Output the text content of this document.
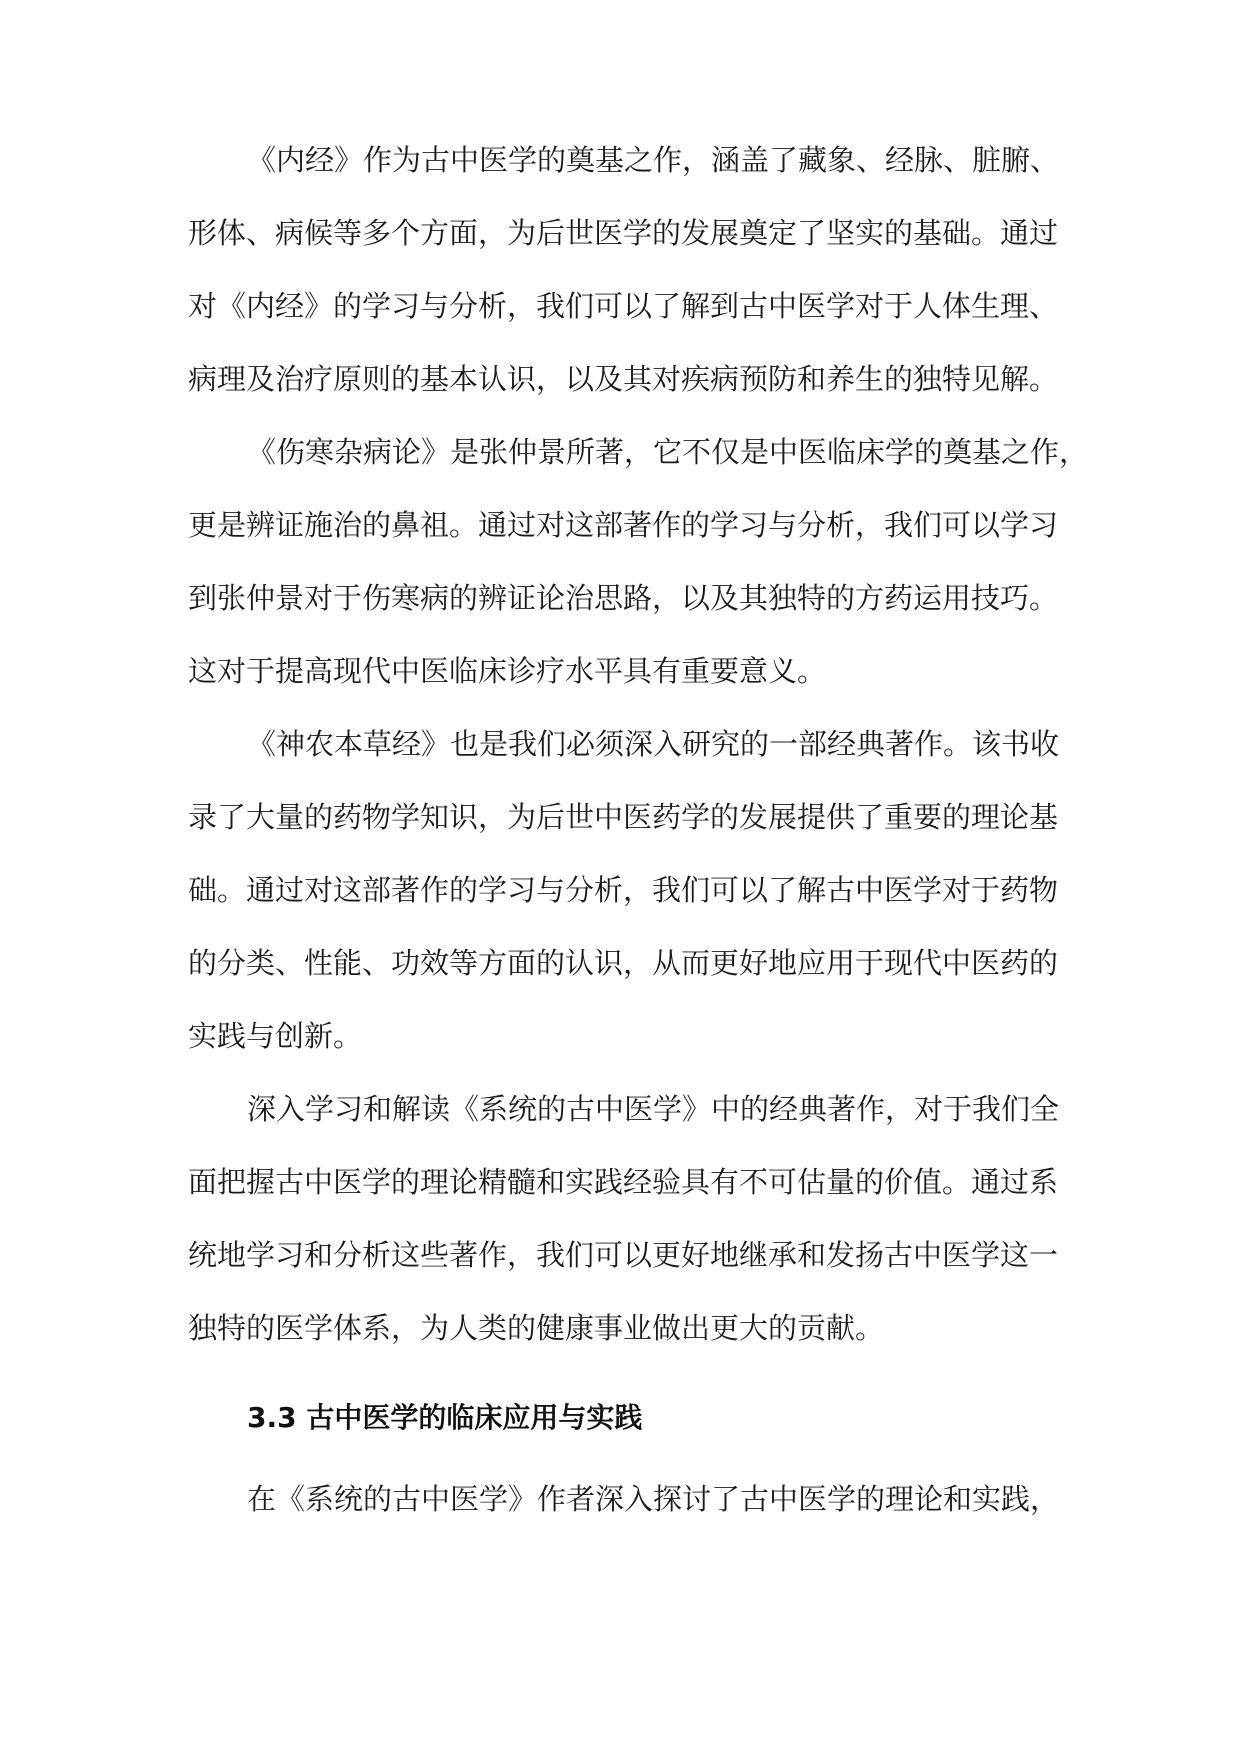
《内经》作为古中医学的奠基之作，涵盖了藏象、经脉、脏腑、
形体、病候等多个方面，为后世医学的发展奠定了坚实的基础。通过
对《内经》的学习与分析，我们可以了解到古中医学对于人体生理、
病理及治疗原则的基本认识，以及其对疾病预防和养生的独特见解。
《伤寒杂病论》是张仲景所著，它不仅是中医临床学的奠基之作，
更是辨证施治的鼻祖。通过对这部著作的学习与分析，我们可以学习
到张仲景对于伤寒病的辨证论治思路，以及其独特的方药运用技巧。
这对于提高现代中医临床诊疗水平具有重要意义。
《神农本草经》也是我们必须深入研究的一部经典著作。该书收
录了大量的药物学知识，为后世中医药学的发展提供了重要的理论基
础。通过对这部著作的学习与分析，我们可以了解古中医学对于药物
的分类、性能、功效等方面的认识，从而更好地应用于现代中医药的
实践与创新。
深入学习和解读《系统的古中医学》中的经典著作，对于我们全
面把握古中医学的理论精髓和实践经验具有不可估量的价值。通过系
统地学习和分析这些著作，我们可以更好地继承和发扬古中医学这一
独特的医学体系，为人类的健康事业做出更大的贡献。
3.3 古中医学的临床应用与实践
在《系统的古中医学》作者深入探讨了古中医学的理论和实践，
